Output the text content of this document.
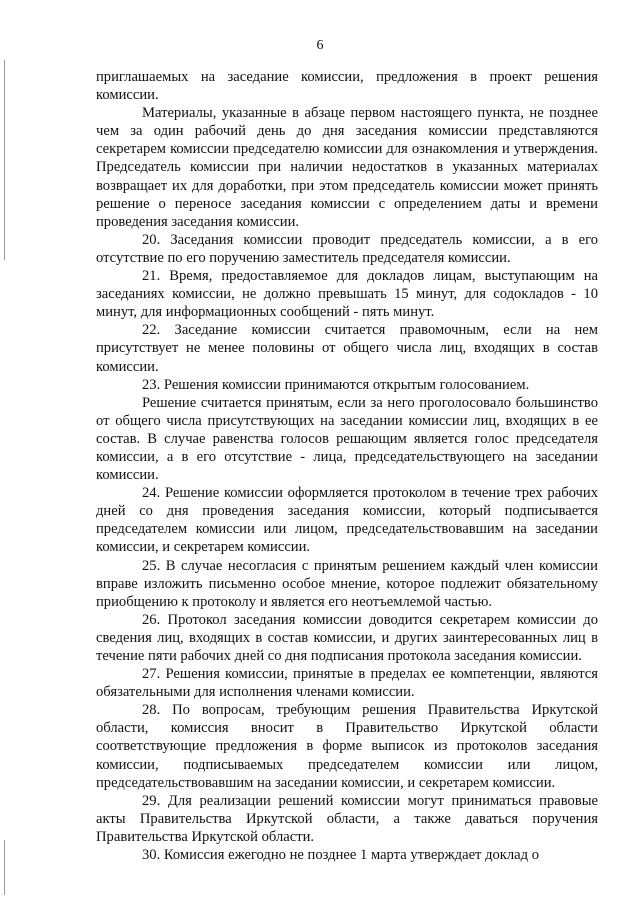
6

приглашаемых на заседание комиссии, предложения в проект решения комиссии.

Материалы, указанные в абзаце первом настоящего пункта, не позднее чем за один рабочий день до дня заседания комиссии представляются секретарем комиссии председателю комиссии для ознакомления и утверждения. Председатель комиссии при наличии недостатков в указанных материалах возвращает их для доработки, при этом председатель комиссии может принять решение о переносе заседания комиссии с определением даты и времени проведения заседания комиссии.

20. Заседания комиссии проводит председатель комиссии, а в его отсутствие по его поручению заместитель председателя комиссии.

21. Время, предоставляемое для докладов лицам, выступающим на заседаниях комиссии, не должно превышать 15 минут, для содокладов - 10 минут, для информационных сообщений - пять минут.

22. Заседание комиссии считается правомочным, если на нем присутствует не менее половины от общего числа лиц, входящих в состав комиссии.

23. Решения комиссии принимаются открытым голосованием.

Решение считается принятым, если за него проголосовало большинство от общего числа присутствующих на заседании комиссии лиц, входящих в ее состав. В случае равенства голосов решающим является голос председателя комиссии, а в его отсутствие - лица, председательствующего на заседании комиссии.

24. Решение комиссии оформляется протоколом в течение трех рабочих дней со дня проведения заседания комиссии, который подписывается председателем комиссии или лицом, председательствовавшим на заседании комиссии, и секретарем комиссии.

25. В случае несогласия с принятым решением каждый член комиссии вправе изложить письменно особое мнение, которое подлежит обязательному приобщению к протоколу и является его неотъемлемой частью.

26. Протокол заседания комиссии доводится секретарем комиссии до сведения лиц, входящих в состав комиссии, и других заинтересованных лиц в течение пяти рабочих дней со дня подписания протокола заседания комиссии.

27. Решения комиссии, принятые в пределах ее компетенции, являются обязательными для исполнения членами комиссии.

28. По вопросам, требующим решения Правительства Иркутской области, комиссия вносит в Правительство Иркутской области соответствующие предложения в форме выписок из протоколов заседания комиссии, подписываемых председателем комиссии или лицом, председательствовавшим на заседании комиссии, и секретарем комиссии.

29. Для реализации решений комиссии могут приниматься правовые акты Правительства Иркутской области, а также даваться поручения Правительства Иркутской области.

30. Комиссия ежегодно не позднее 1 марта утверждает доклад о
